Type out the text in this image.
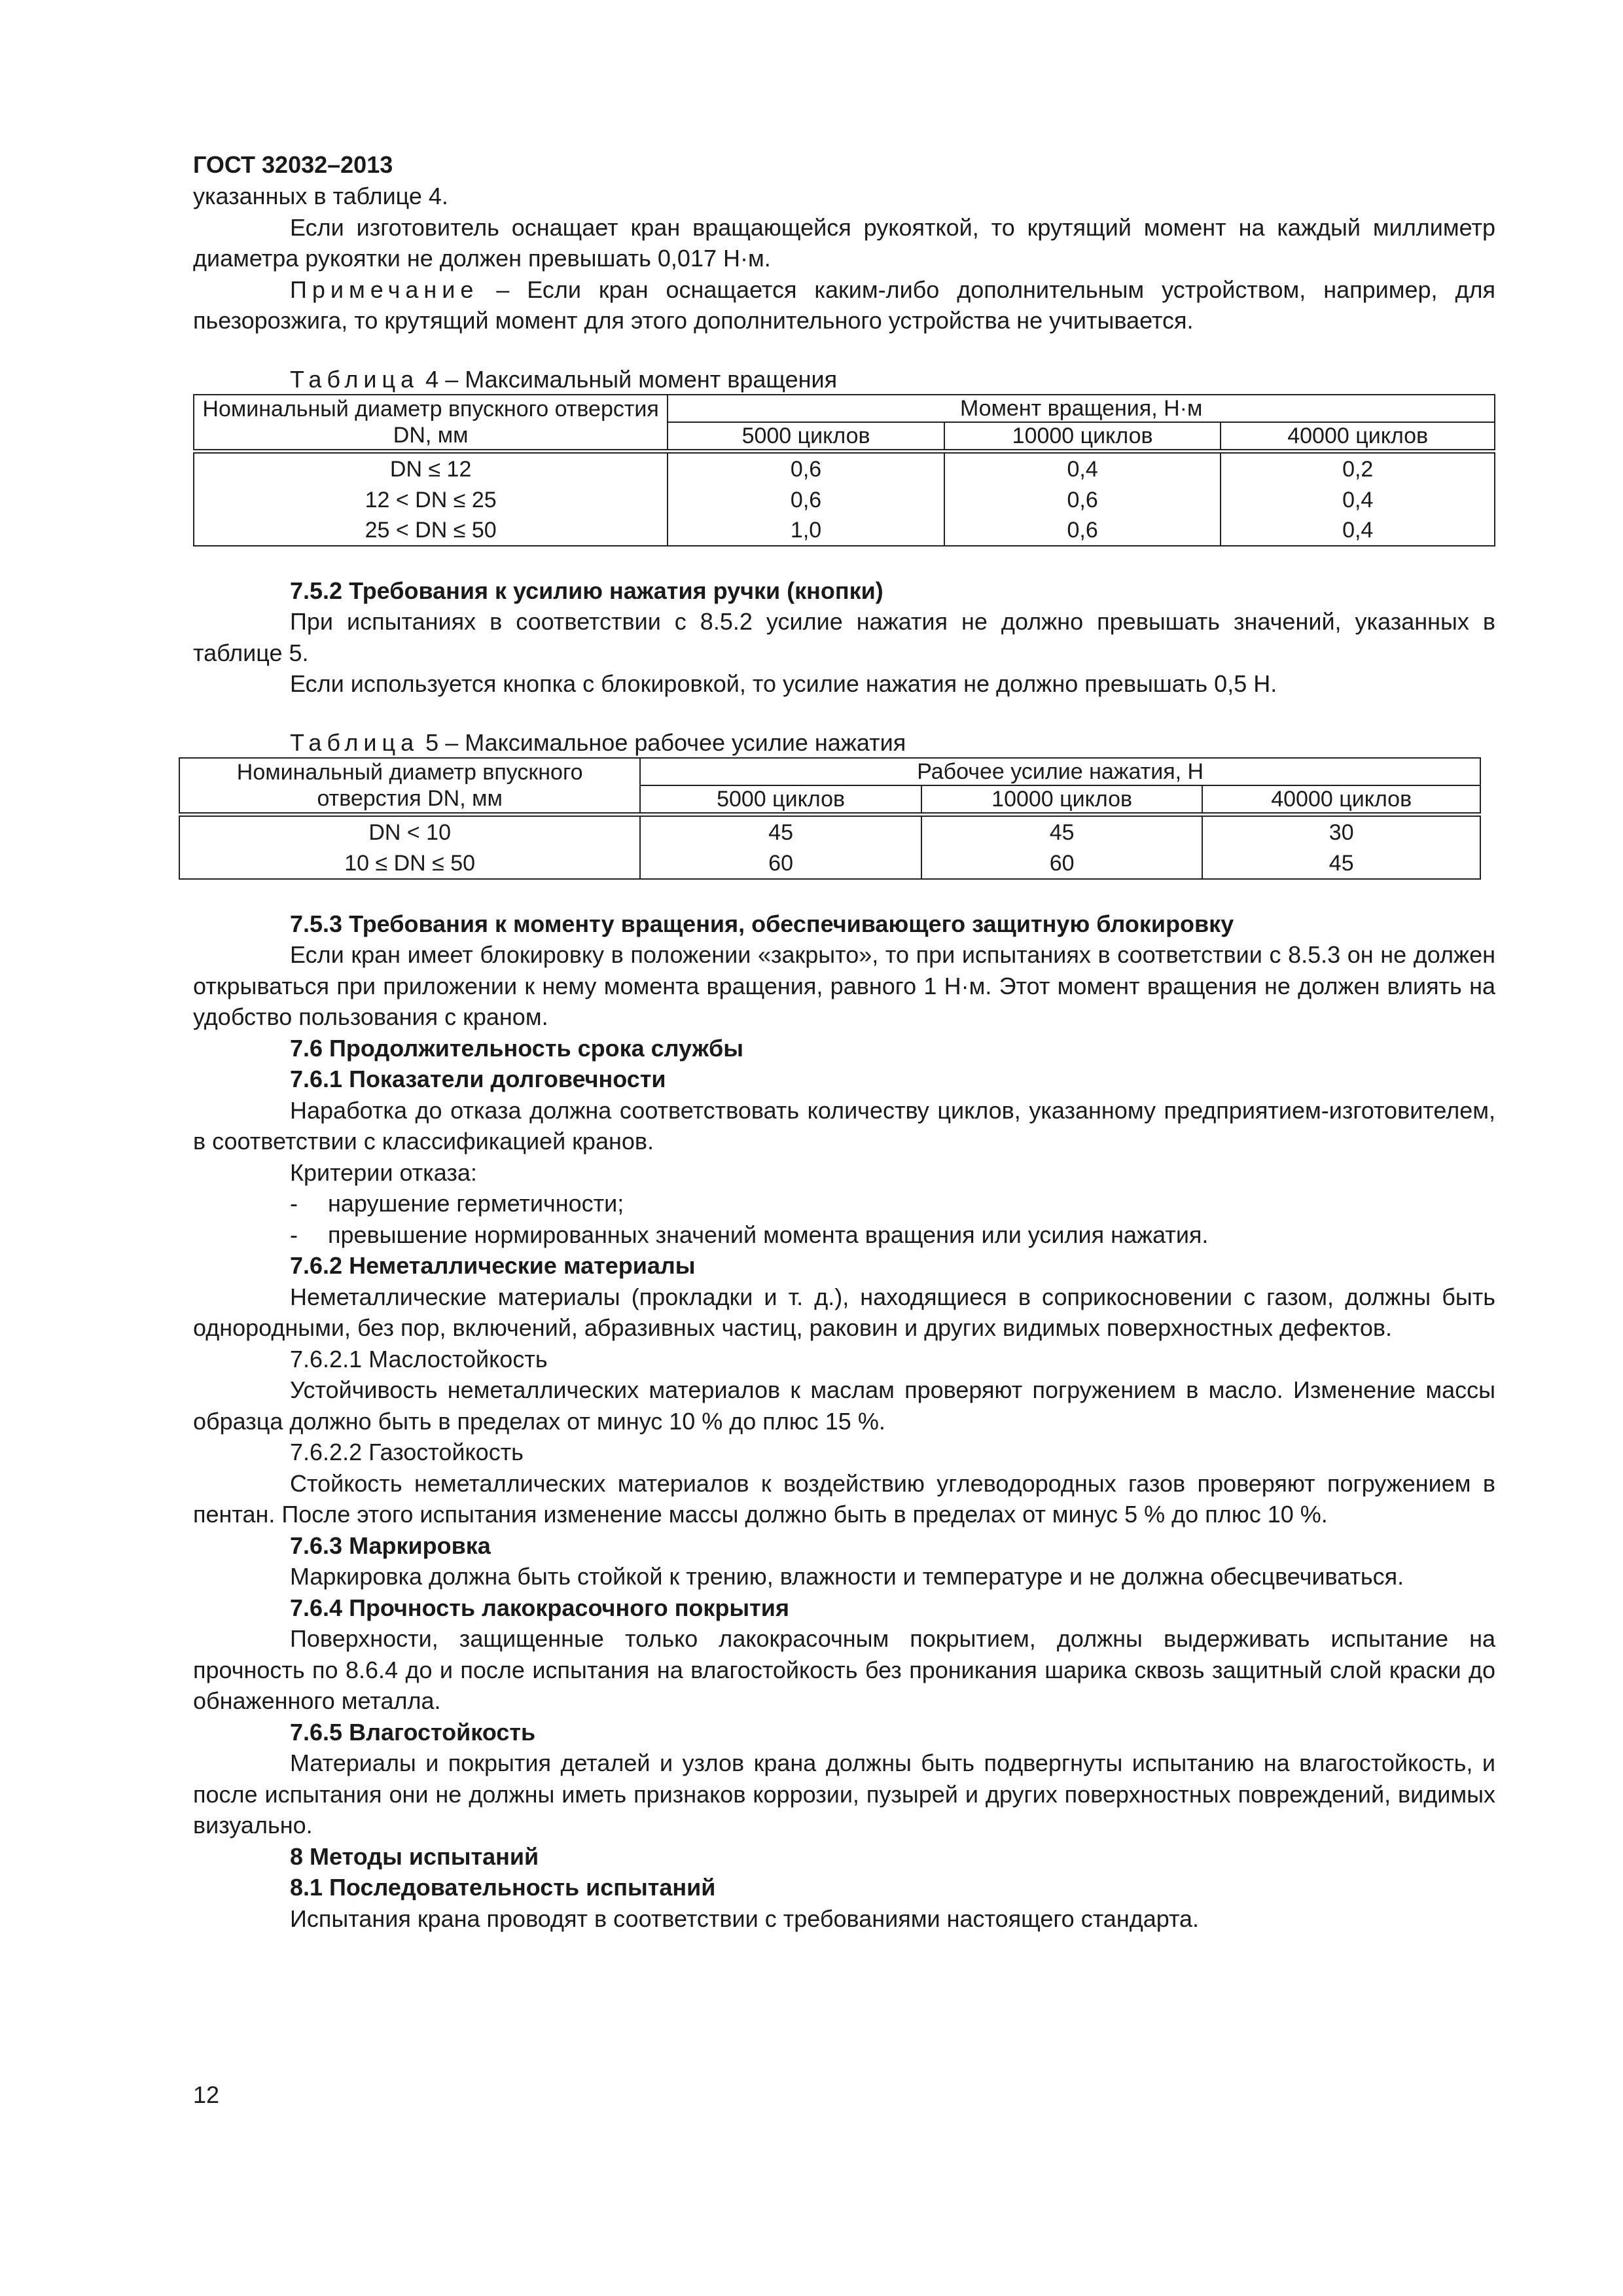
ГОСТ 32032–2013

указанных в таблице 4.

Если изготовитель оснащает кран вращающейся рукояткой, то крутящий момент на каждый миллиметр диаметра рукоятки не должен превышать 0,017 Н·м.

Примечание – Если кран оснащается каким-либо дополнительным устройством, например, для пьезорозжига, то крутящий момент для этого дополнительного устройства не учитывается.

Таблица 4 – Максимальный момент вращения
Номинальный диаметр впускного отверстия DN, мм	Момент вращения, Н·м		
	5000 циклов	10000 циклов	40000 циклов
DN ≤ 12	0,6	0,4	0,2
12 < DN ≤ 25	0,6	0,6	0,4
25 < DN ≤ 50	1,0	0,6	0,4
7.5.2 Требования к усилию нажатия ручки (кнопки)

При испытаниях в соответствии с 8.5.2 усилие нажатия не должно превышать значений, указанных в таблице 5.

Если используется кнопка с блокировкой, то усилие нажатия не должно превышать 0,5 Н.

Таблица 5 – Максимальное рабочее усилие нажатия
Номинальный диаметр впускного отверстия DN, мм	Рабочее усилие нажатия, Н		
	5000 циклов	10000 циклов	40000 циклов
DN < 10	45	45	30
10 ≤ DN ≤ 50	60	60	45
7.5.3 Требования к моменту вращения, обеспечивающего защитную блокировку

Если кран имеет блокировку в положении «закрыто», то при испытаниях в соответствии с 8.5.3 он не должен открываться при приложении к нему момента вращения, равного 1 Н·м. Этот момент вращения не должен влиять на удобство пользования с краном.

7.6 Продолжительность срока службы
7.6.1 Показатели долговечности

Наработка до отказа должна соответствовать количеству циклов, указанному предприятием-изготовителем, в соответствии с классификацией кранов.

Критерии отказа:

-	нарушение герметичности;
-	превышение нормированных значений момента вращения или усилия нажатия.
7.6.2 Неметаллические материалы

Неметаллические материалы (прокладки и т. д.), находящиеся в соприкосновении с газом, должны быть однородными, без пор, включений, абразивных частиц, раковин и других видимых поверхностных дефектов.

7.6.2.1 Маслостойкость

Устойчивость неметаллических материалов к маслам проверяют погружением в масло. Изменение массы образца должно быть в пределах от минус 10 % до плюс 15 %.

7.6.2.2 Газостойкость

Стойкость неметаллических материалов к воздействию углеводородных газов проверяют погружением в пентан. После этого испытания изменение массы должно быть в пределах от минус 5 % до плюс 10 %.

7.6.3 Маркировка

Маркировка должна быть стойкой к трению, влажности и температуре и не должна обесцвечиваться.

7.6.4 Прочность лакокрасочного покрытия

Поверхности, защищенные только лакокрасочным покрытием, должны выдерживать испытание на прочность по 8.6.4 до и после испытания на влагостойкость без проникания шарика сквозь защитный слой краски до обнаженного металла.

7.6.5 Влагостойкость

Материалы и покрытия деталей и узлов крана должны быть подвергнуты испытанию на влагостойкость, и после испытания они не должны иметь признаков коррозии, пузырей и других поверхностных повреждений, видимых визуально.

8 Методы испытаний
8.1 Последовательность испытаний

Испытания крана проводят в соответствии с требованиями настоящего стандарта.

12
